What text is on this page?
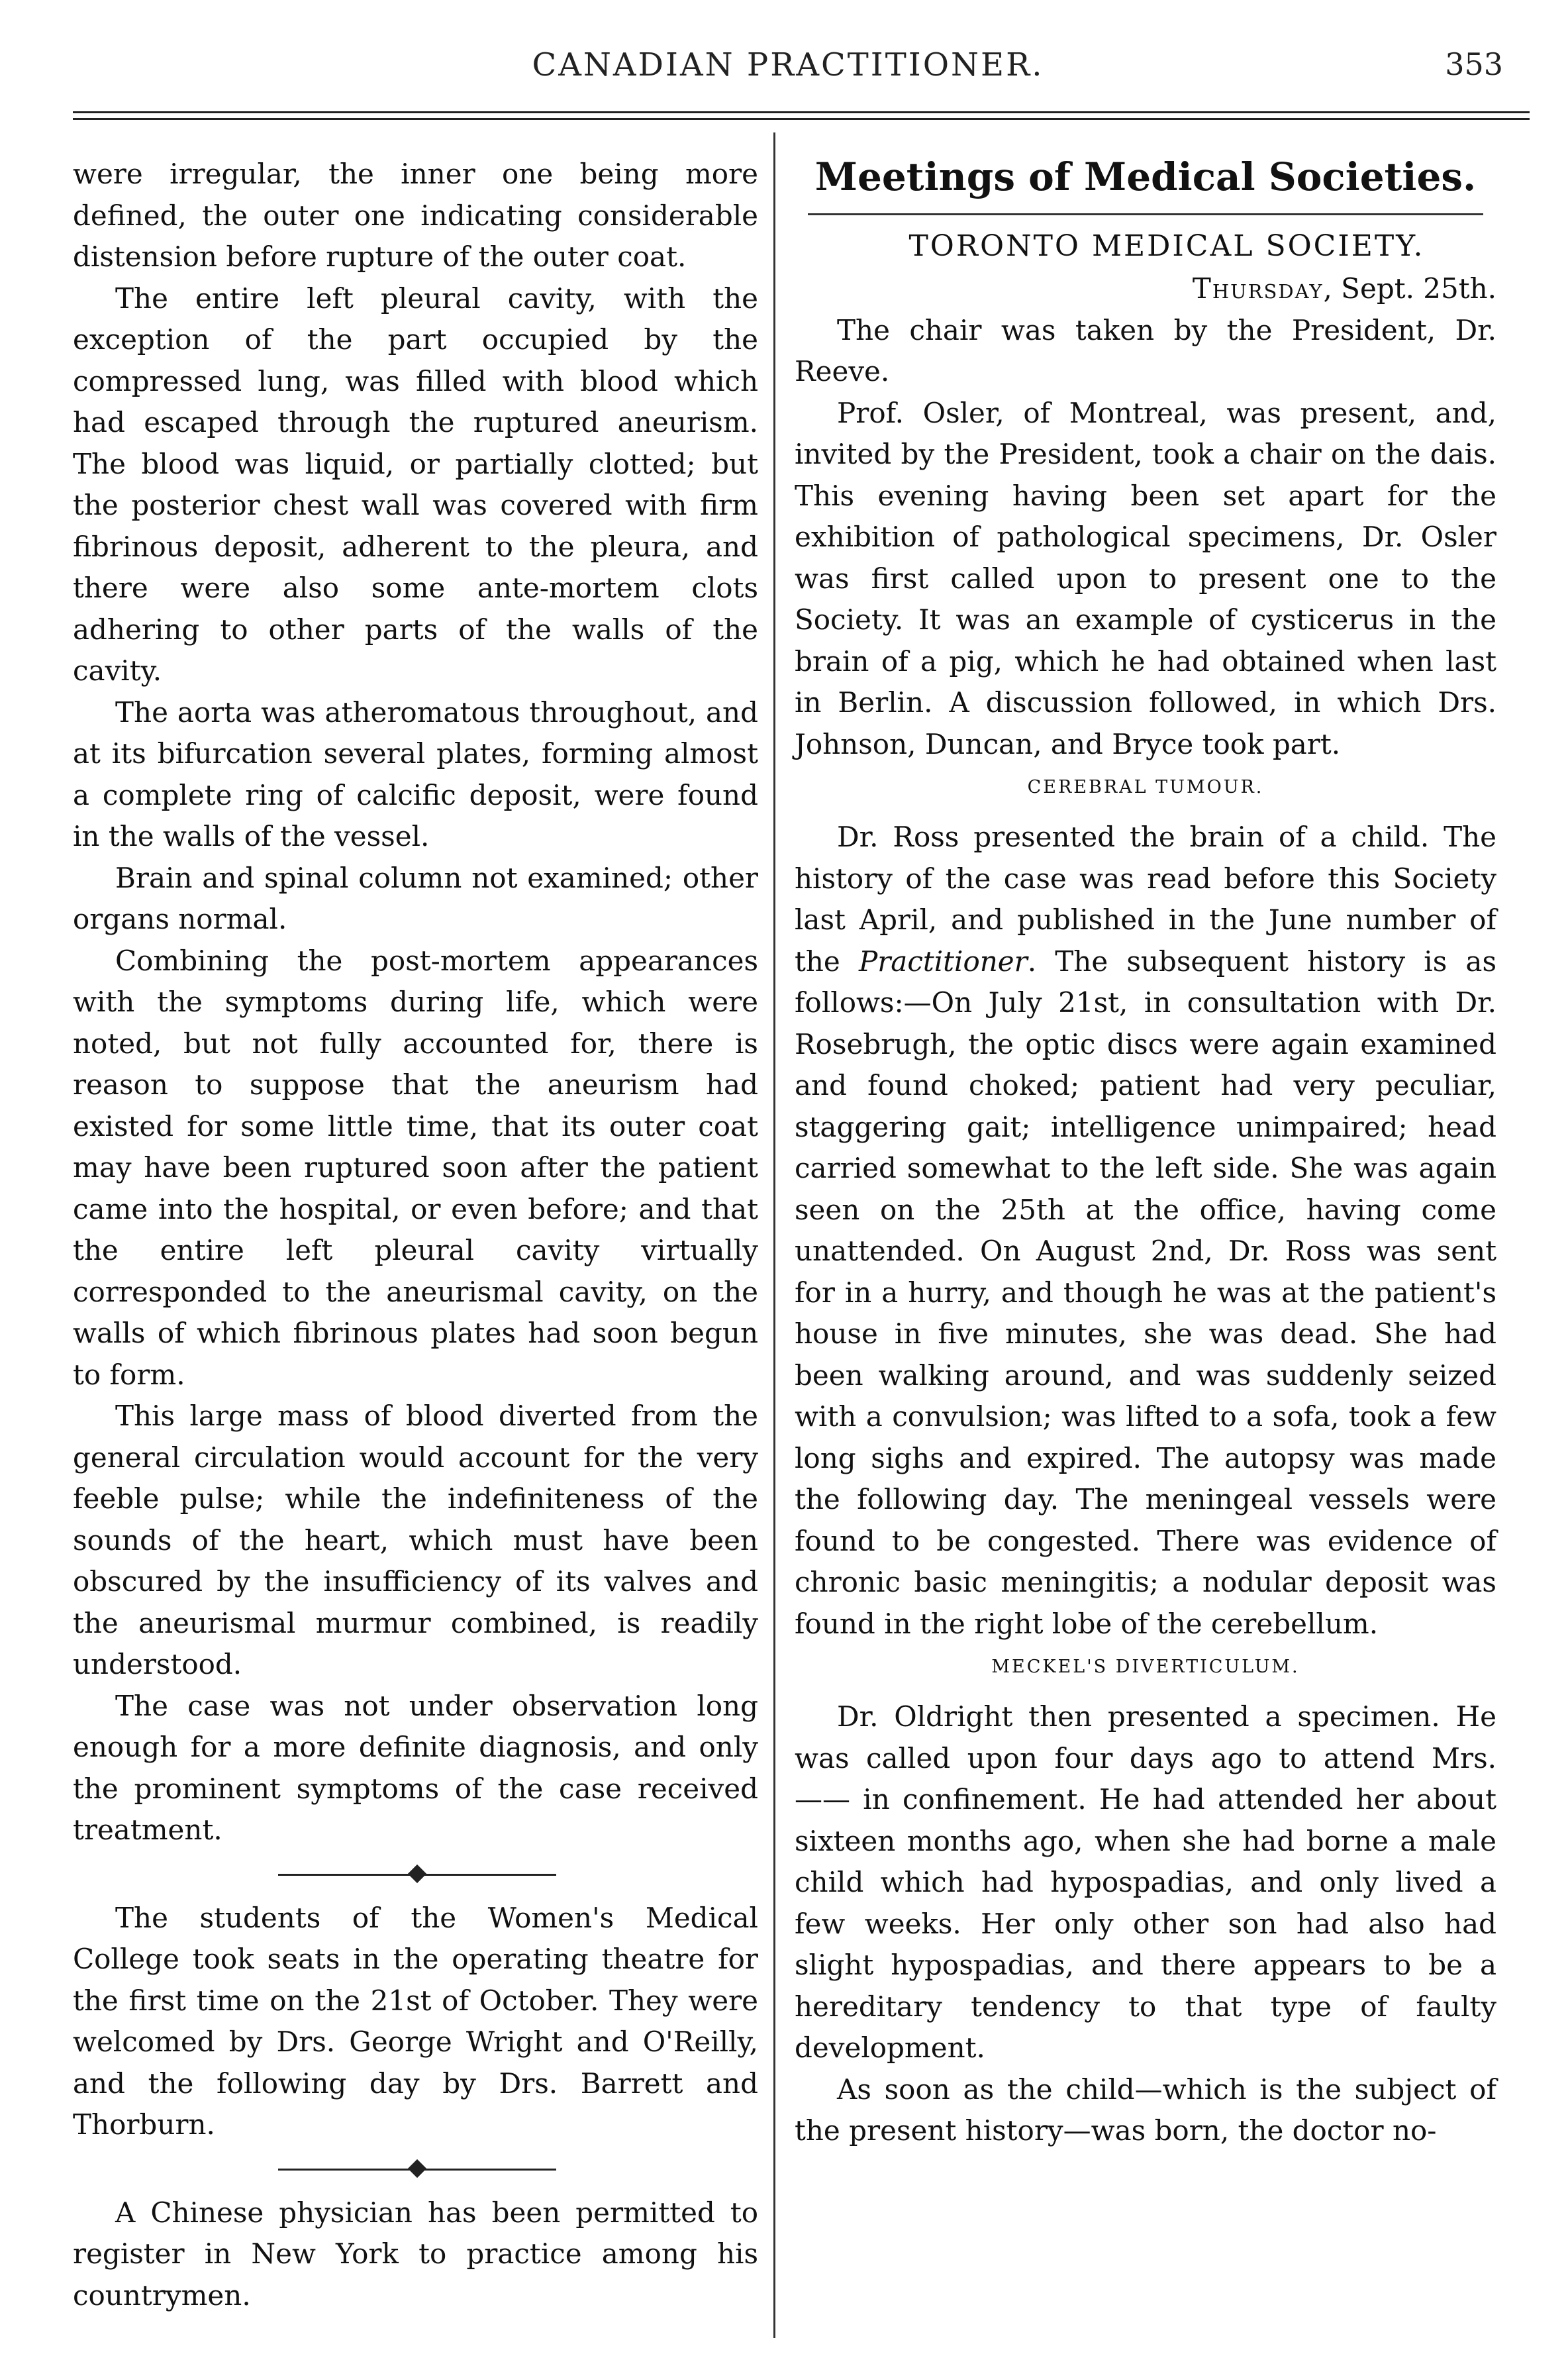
CANADIAN PRACTITIONER.	353

were irregular, the inner one being more defined, the outer one indicating considerable distension before rupture of the outer coat.

The entire left pleural cavity, with the exception of the part occupied by the compressed lung, was filled with blood which had escaped through the ruptured aneurism. The blood was liquid, or partially clotted; but the posterior chest wall was covered with firm fibrinous deposit, adherent to the pleura, and there were also some ante-mortem clots adhering to other parts of the walls of the cavity.

The aorta was atheromatous throughout, and at its bifurcation several plates, forming almost a complete ring of calcific deposit, were found in the walls of the vessel.

Brain and spinal column not examined; other organs normal.

Combining the post-mortem appearances with the symptoms during life, which were noted, but not fully accounted for, there is reason to suppose that the aneurism had existed for some little time, that its outer coat may have been ruptured soon after the patient came into the hospital, or even before; and that the entire left pleural cavity virtually corresponded to the aneurismal cavity, on the walls of which fibrinous plates had soon begun to form.

This large mass of blood diverted from the general circulation would account for the very feeble pulse; while the indefiniteness of the sounds of the heart, which must have been obscured by the insufficiency of its valves and the aneurismal murmur combined, is readily understood.

The case was not under observation long enough for a more definite diagnosis, and only the prominent symptoms of the case received treatment.

The students of the Women's Medical College took seats in the operating theatre for the first time on the 21st of October. They were welcomed by Drs. George Wright and O'Reilly, and the following day by Drs. Barrett and Thorburn.

A Chinese physician has been permitted to register in New York to practice among his countrymen.

Meetings of Medical Societies.

TORONTO MEDICAL SOCIETY.

Thursday, Sept. 25th.

The chair was taken by the President, Dr. Reeve.

Prof. Osler, of Montreal, was present, and, invited by the President, took a chair on the dais. This evening having been set apart for the exhibition of pathological specimens, Dr. Osler was first called upon to present one to the Society. It was an example of cysticerus in the brain of a pig, which he had obtained when last in Berlin. A discussion followed, in which Drs. Johnson, Duncan, and Bryce took part.

CEREBRAL TUMOUR.

Dr. Ross presented the brain of a child. The history of the case was read before this Society last April, and published in the June number of the Practitioner. The subsequent history is as follows:—On July 21st, in consultation with Dr. Rosebrugh, the optic discs were again examined and found choked; patient had very peculiar, staggering gait; intelligence unimpaired; head carried somewhat to the left side. She was again seen on the 25th at the office, having come unattended. On August 2nd, Dr. Ross was sent for in a hurry, and though he was at the patient's house in five minutes, she was dead. She had been walking around, and was suddenly seized with a convulsion; was lifted to a sofa, took a few long sighs and expired. The autopsy was made the following day. The meningeal vessels were found to be congested. There was evidence of chronic basic meningitis; a nodular deposit was found in the right lobe of the cerebellum.

MECKEL'S DIVERTICULUM.

Dr. Oldright then presented a specimen. He was called upon four days ago to attend Mrs. —— in confinement. He had attended her about sixteen months ago, when she had borne a male child which had hypospadias, and only lived a few weeks. Her only other son had also had slight hypospadias, and there appears to be a hereditary tendency to that type of faulty development.

As soon as the child—which is the subject of the present history—was born, the doctor no-
